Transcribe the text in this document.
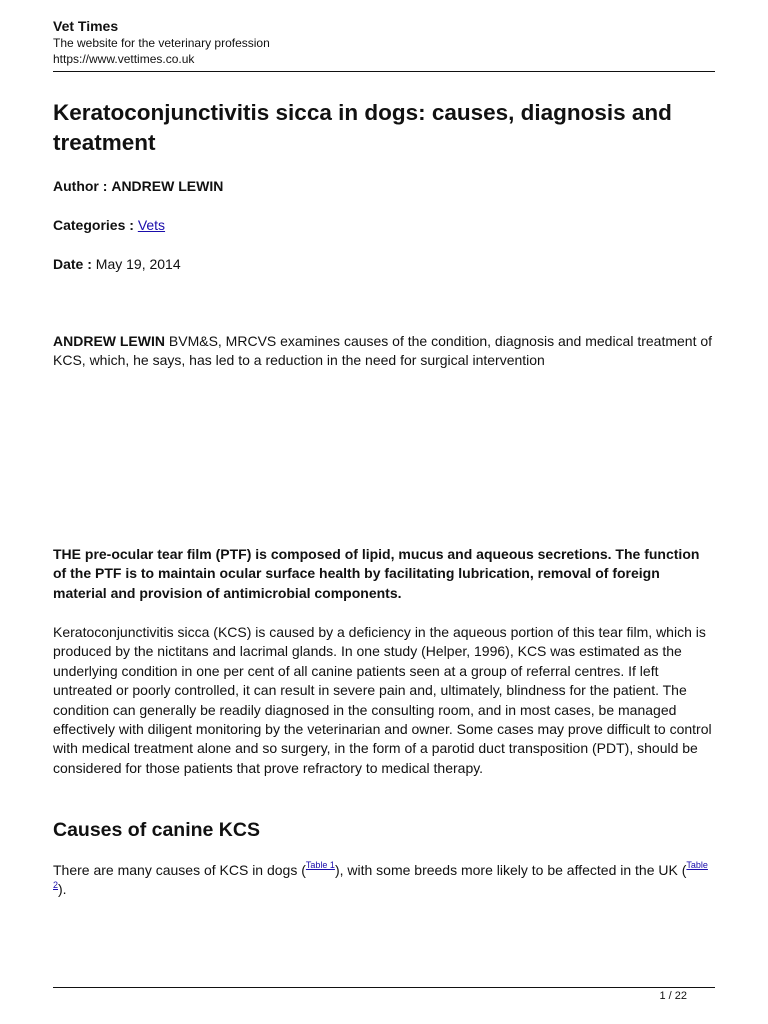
Vet Times
The website for the veterinary profession
https://www.vettimes.co.uk
Keratoconjunctivitis sicca in dogs: causes, diagnosis and treatment
Author : ANDREW LEWIN
Categories : Vets
Date : May 19, 2014

ANDREW LEWIN BVM&S, MRCVS examines causes of the condition, diagnosis and medical treatment of KCS, which, he says, has led to a reduction in the need for surgical intervention

THE pre-ocular tear film (PTF) is composed of lipid, mucus and aqueous secretions. The function of the PTF is to maintain ocular surface health by facilitating lubrication, removal of foreign material and provision of antimicrobial components.

Keratoconjunctivitis sicca (KCS) is caused by a deficiency in the aqueous portion of this tear film, which is produced by the nictitans and lacrimal glands. In one study (Helper, 1996), KCS was estimated as the underlying condition in one per cent of all canine patients seen at a group of referral centres. If left untreated or poorly controlled, it can result in severe pain and, ultimately, blindness for the patient. The condition can generally be readily diagnosed in the consulting room, and in most cases, be managed effectively with diligent monitoring by the veterinarian and owner. Some cases may prove difficult to control with medical treatment alone and so surgery, in the form of a parotid duct transposition (PDT), should be considered for those patients that prove refractory to medical therapy.

Causes of canine KCS

There are many causes of KCS in dogs ($^{Table 1}$), with some breeds more likely to be affected in the UK ($^{Table 2}$).

1 / 22
